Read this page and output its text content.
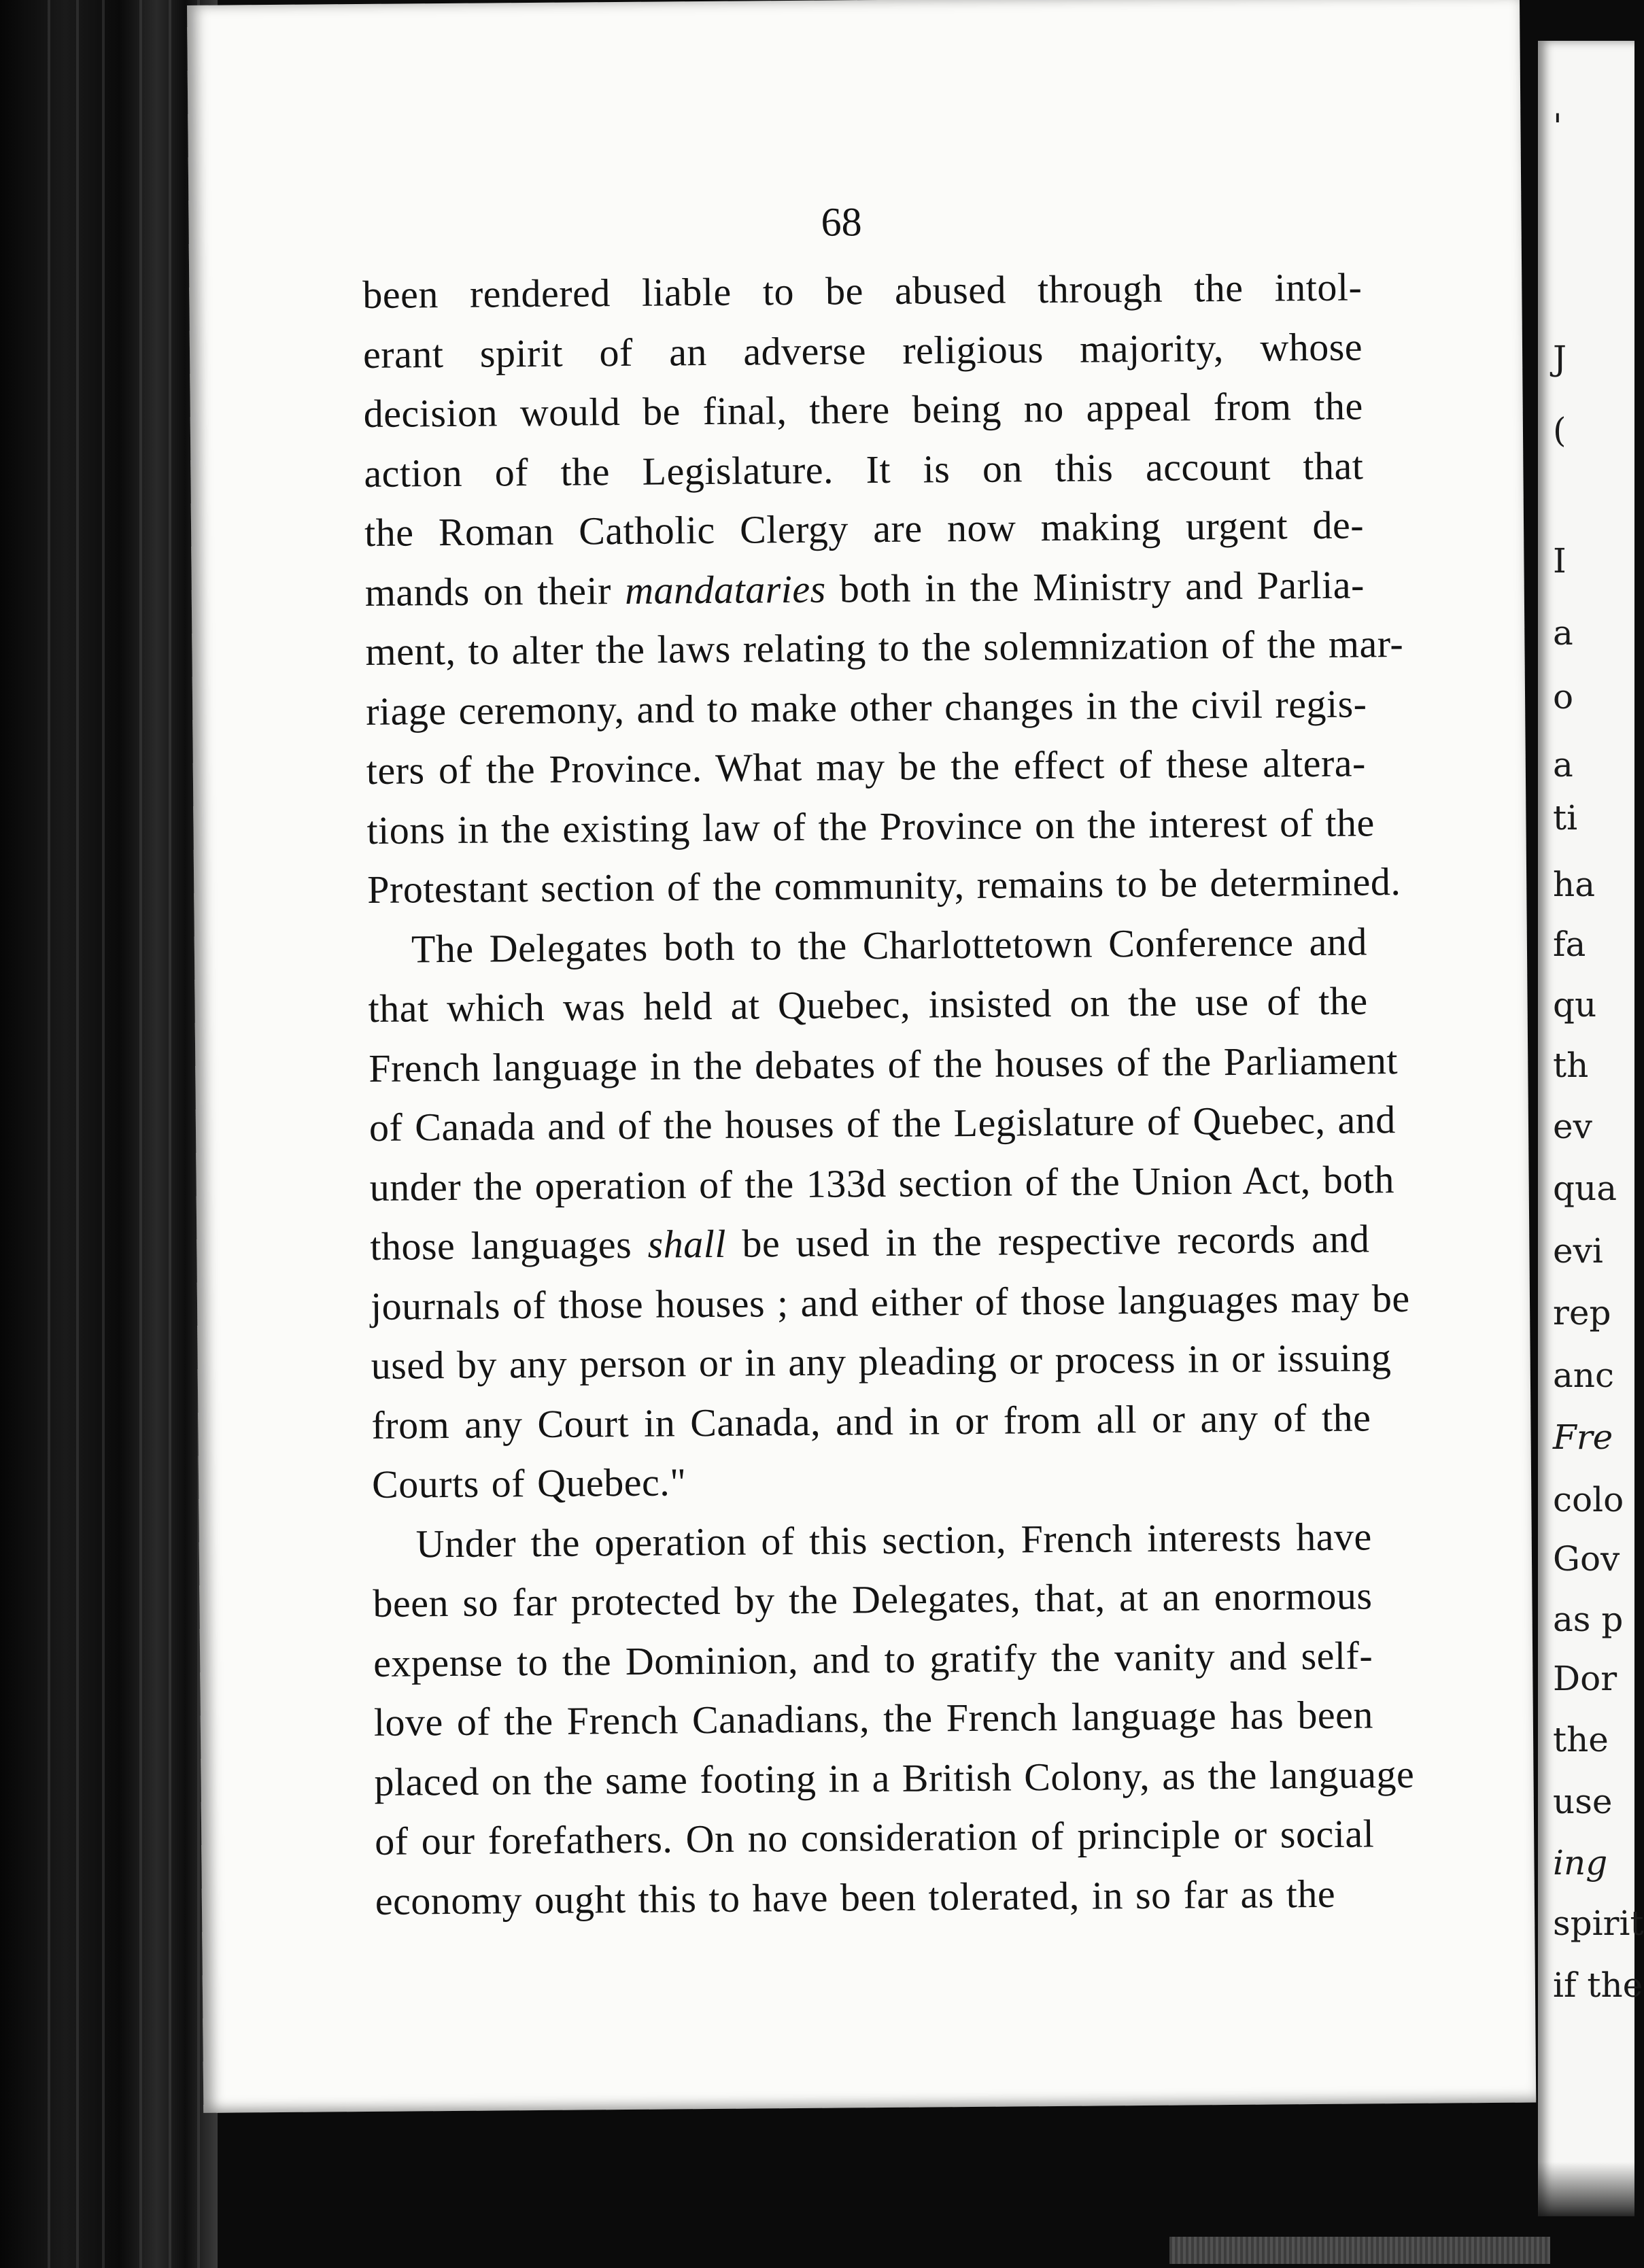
68
been rendered liable to be abused through the intol-
erant spirit of an adverse religious majority, whose
decision would be final, there being no appeal from the
action of the Legislature. It is on this account that
the Roman Catholic Clergy are now making urgent de-
mands on their mandataries both in the Ministry and Parlia-
ment, to alter the laws relating to the solemnization of the mar-
riage ceremony, and to make other changes in the civil regis-
ters of the Province. What may be the effect of these altera-
tions in the existing law of the Province on the interest of the
Protestant section of the community, remains to be determined.
The Delegates both to the Charlottetown Conference and
that which was held at Quebec, insisted on the use of the
French language in the debates of the houses of the Parliament
of Canada and of the houses of the Legislature of Quebec, and
under the operation of the 133d section of the Union Act, both
those languages shall be used in the respective records and
journals of those houses ; and either of those languages may be
used by any person or in any pleading or process in or issuing
from any Court in Canada, and in or from all or any of the
Courts of Quebec."
Under the operation of this section, French interests have
been so far protected by the Delegates, that, at an enormous
expense to the Dominion, and to gratify the vanity and self-
love of the French Canadians, the French language has been
placed on the same footing in a British Colony, as the language
of our forefathers. On no consideration of principle or social
economy ought this to have been tolerated, in so far as the
'
J
(
I
a
o
a
ti
ha
fa
qu
th
ev
qua
evi
rep
anc
Fre
colo
Gov
as p
Dor
the
use
ing
spirit
if the
